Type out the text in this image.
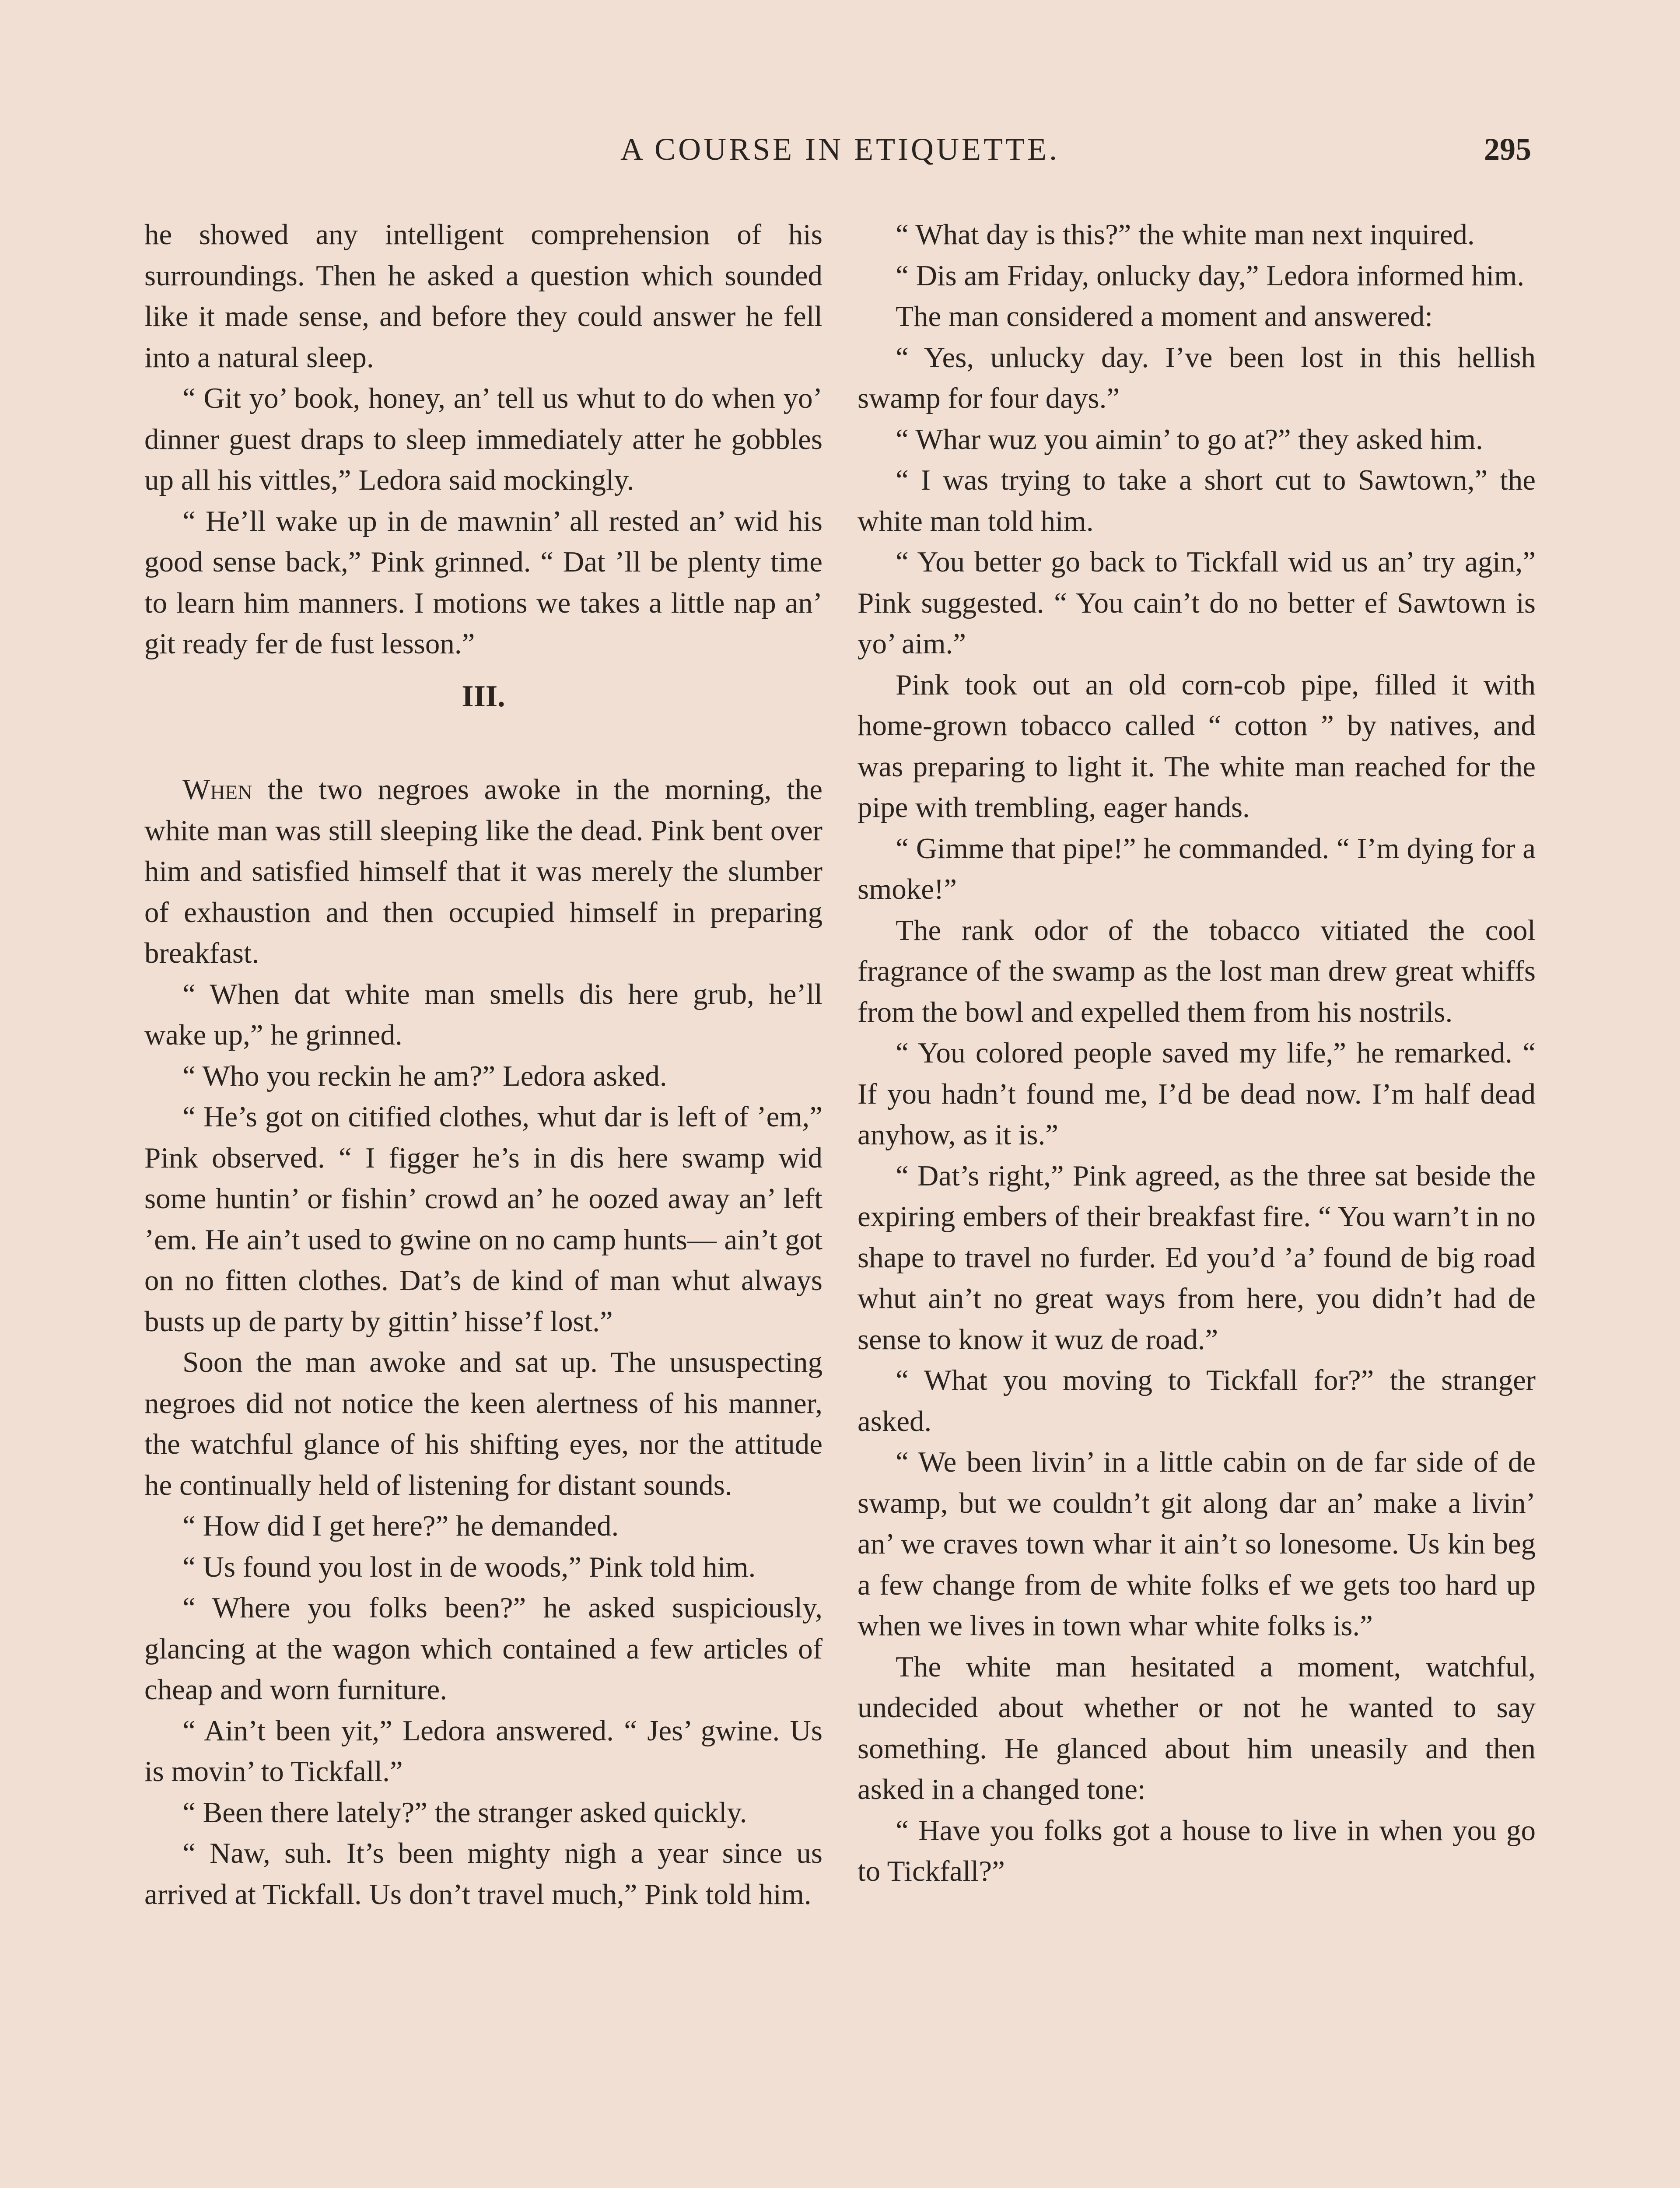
A COURSE IN ETIQUETTE.	295

he showed any intelligent comprehension of his surroundings. Then he asked a question which sounded like it made sense, and before they could answer he fell into a natural sleep.

“ Git yo’ book, honey, an’ tell us whut to do when yo’ dinner guest draps to sleep immediately atter he gobbles up all his vittles,” Ledora said mockingly.

“ He’ll wake up in de mawnin’ all rested an’ wid his good sense back,” Pink grinned. “ Dat ’ll be plenty time to learn him manners. I motions we takes a little nap an’ git ready fer de fust lesson.”

III.

When the two negroes awoke in the morning, the white man was still sleeping like the dead. Pink bent over him and satisfied himself that it was merely the slumber of exhaustion and then occupied himself in preparing breakfast.

“ When dat white man smells dis here grub, he’ll wake up,” he grinned.

“ Who you reckin he am?” Ledora asked.

“ He’s got on citified clothes, whut dar is left of ’em,” Pink observed. “ I figger he’s in dis here swamp wid some huntin’ or fishin’ crowd an’ he oozed away an’ left ’em. He ain’t used to gwine on no camp hunts— ain’t got on no fitten clothes. Dat’s de kind of man whut always busts up de party by gittin’ hisse’f lost.”

Soon the man awoke and sat up. The unsuspecting negroes did not notice the keen alertness of his manner, the watchful glance of his shifting eyes, nor the attitude he continually held of listening for distant sounds.

“ How did I get here?” he demanded.

“ Us found you lost in de woods,” Pink told him.

“ Where you folks been?” he asked suspiciously, glancing at the wagon which contained a few articles of cheap and worn furniture.

“ Ain’t been yit,” Ledora answered. “ Jes’ gwine. Us is movin’ to Tickfall.”

“ Been there lately?” the stranger asked quickly.

“ Naw, suh. It’s been mighty nigh a year since us arrived at Tickfall. Us don’t travel much,” Pink told him.

“ What day is this?” the white man next inquired.

“ Dis am Friday, onlucky day,” Ledora informed him.

The man considered a moment and answered:

“ Yes, unlucky day. I’ve been lost in this hellish swamp for four days.”

“ Whar wuz you aimin’ to go at?” they asked him.

“ I was trying to take a short cut to Sawtown,” the white man told him.

“ You better go back to Tickfall wid us an’ try agin,” Pink suggested. “ You cain’t do no better ef Sawtown is yo’ aim.”

Pink took out an old corn-cob pipe, filled it with home-grown tobacco called “ cotton ” by natives, and was preparing to light it. The white man reached for the pipe with trembling, eager hands.

“ Gimme that pipe!” he commanded. “ I’m dying for a smoke!”

The rank odor of the tobacco vitiated the cool fragrance of the swamp as the lost man drew great whiffs from the bowl and expelled them from his nostrils.

“ You colored people saved my life,” he remarked. “ If you hadn’t found me, I’d be dead now. I’m half dead anyhow, as it is.”

“ Dat’s right,” Pink agreed, as the three sat beside the expiring embers of their breakfast fire. “ You warn’t in no shape to travel no furder. Ed you’d ’a’ found de big road whut ain’t no great ways from here, you didn’t had de sense to know it wuz de road.”

“ What you moving to Tickfall for?” the stranger asked.

“ We been livin’ in a little cabin on de far side of de swamp, but we couldn’t git along dar an’ make a livin’ an’ we craves town whar it ain’t so lonesome. Us kin beg a few change from de white folks ef we gets too hard up when we lives in town whar white folks is.”

The white man hesitated a moment, watchful, undecided about whether or not he wanted to say something. He glanced about him uneasily and then asked in a changed tone:

“ Have you folks got a house to live in when you go to Tickfall?”
